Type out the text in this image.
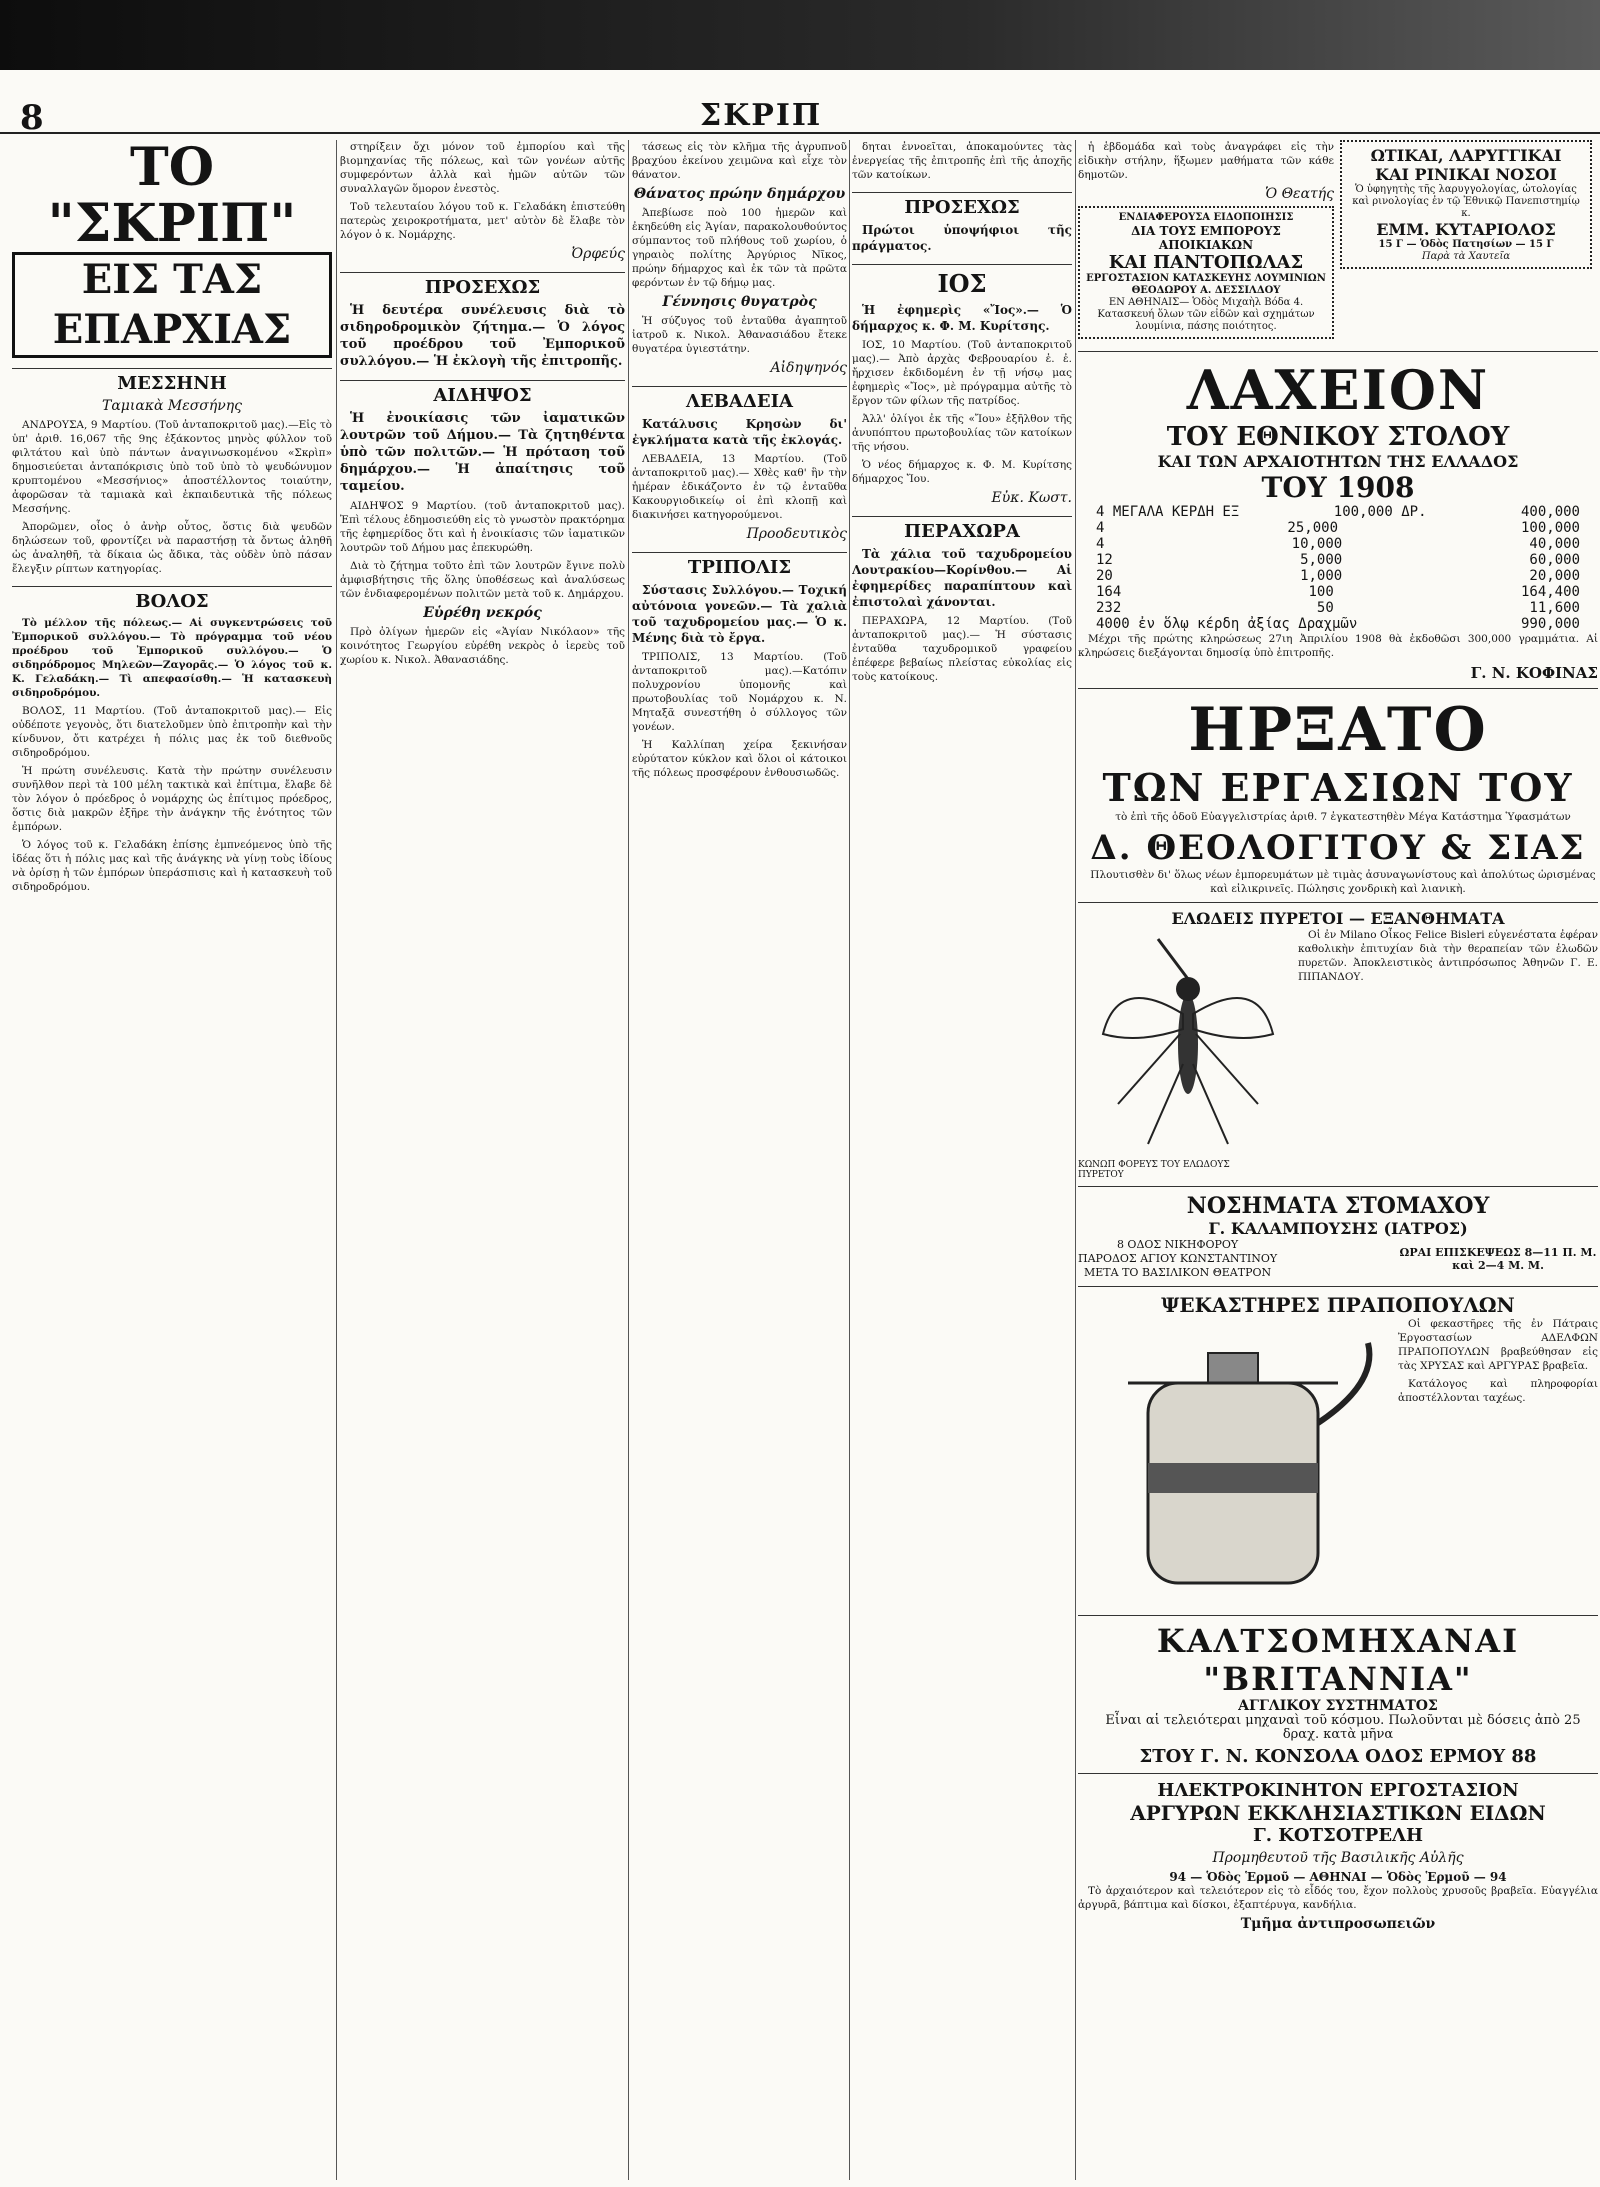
8	ΣΚΡΙΠ
ΤΟ "ΣΚΡΙΠ"
ΕΙΣ ΤΑΣ ΕΠΑΡΧΙΑΣ
ΜΕΣΣΗΝΗ
Ταμιακὰ Μεσσήνης

ΑΝΔΡΟΥΣΑ, 9 Μαρτίου. (Τοῦ ἀνταποκριτοῦ μας).—Εἰς τὸ ὑπ' ἀριθ. 16,067 τῆς 9ης ἐξάκοντος μηνὸς φύλλον τοῦ φιλτάτου καὶ ὑπὸ πάντων ἀναγινωσκομένου «Σκρὶπ» δημοσιεύεται ἀνταπόκρισις ὑπὸ τοῦ ὑπὸ τὸ ψευδώνυμον κρυπτομένου «Μεσσήνιος» ἀποστέλλοντος τοιαύτην, ἀφορῶσαν τὰ ταμιακὰ καὶ ἐκπαιδευτικὰ τῆς πόλεως Μεσσήνης.

Ἀπορῶμεν, οἷος ὁ ἀνὴρ οὗτος, ὅστις διὰ ψευδῶν δηλώσεων τοῦ, φροντίζει νὰ παραστήσῃ τὰ ὄντως ἀληθῆ ὡς ἀναληθῆ, τὰ δίκαια ὡς ἄδικα, τὰς οὐδὲν ὑπὸ πάσαν ἔλεγξιν ρίπτων κατηγορίας.

ΒΟΛΟΣ

Τὸ μέλλον τῆς πόλεως.— Αἱ συγκεντρώσεις τοῦ Ἐμπορικοῦ συλλόγου.— Τὸ πρόγραμμα τοῦ νέου προέδρου τοῦ Ἐμπορικοῦ συλλόγου.— Ὁ σιδηρόδρομος Μηλεῶν—Ζαγορᾶς.— Ὁ λόγος τοῦ κ. Κ. Γελαδάκη.— Τὶ απεφασίσθη.— Ἡ κατασκευὴ σιδηροδρόμου.

ΒΟΛΟΣ, 11 Μαρτίου. (Τοῦ ἀνταποκριτοῦ μας).— Εἰς οὐδέποτε γεγονὸς, ὅτι διατελοῦμεν ὑπὸ ἐπιτροπὴν καὶ τὴν κίνδυνον, ὄτι κατρέχει ἡ πόλις μας ἐκ τοῦ διεθνοῦς σιδηροδρόμου.

Ἡ πρώτη συνέλευσις. Κατὰ τὴν πρώτην συνέλευσιν συνῆλθον περὶ τὰ 100 μέλη τακτικὰ καὶ ἐπίτιμα, ἔλαβε δὲ τὸν λόγον ὁ πρόεδρος ὁ νομάρχης ὡς ἐπίτιμος πρόεδρος, ὅστις διὰ μακρῶν ἐξῆρε τὴν ἀνάγκην τῆς ἐνότητος τῶν ἐμπόρων.

Ὁ λόγος τοῦ κ. Γελαδάκη ἐπίσης ἐμπνεόμενος ὑπὸ τῆς ἰδέας ὅτι ἡ πόλις μας καὶ τῆς ἀνάγκης νὰ γίνῃ τοὺς ἰδίους νὰ ὁρίσῃ ἡ τῶν ἐμπόρων ὑπεράσπισις καὶ ἡ κατασκευὴ τοῦ σιδηροδρόμου.

στηρίξειν ὄχι μόνον τοῦ ἐμπορίου καὶ τῆς βιομηχανίας τῆς πόλεως, καὶ τῶν γονέων αὐτῆς συμφερόντων ἀλλὰ καὶ ἡμῶν αὐτῶν τῶν συναλλαγῶν ὅμορον ἐνεστὸς.

Τοῦ τελευταίου λόγου τοῦ κ. Γελαδάκη ἐπιστεύθη πατερὼς χειροκροτήματα, μετ' αὐτὸν δὲ ἔλαβε τὸν λόγον ὁ κ. Νομάρχης.

Ὀρφεύς
ΠΡΟΣΕΧΩΣ

Ἡ δευτέρα συνέλευσις διὰ τὸ σιδηροδρομικὸν ζήτημα.— Ὁ λόγος τοῦ προέδρου τοῦ Ἐμπορικοῦ συλλόγου.— Ἡ ἐκλογὴ τῆς ἐπιτροπῆς.

ΑΙΔΗΨΟΣ

Ἡ ἐνοικίασις τῶν ἰαματικῶν λουτρῶν τοῦ Δήμου.— Τὰ ζητηθέντα ὑπὸ τῶν πολιτῶν.— Ἡ πρόταση τοῦ δημάρχου.— Ἡ ἀπαίτησις τοῦ ταμείου.

ΑΙΔΗΨΟΣ 9 Μαρτίου. (τοῦ ἀνταποκριτοῦ μας). Ἐπὶ τέλους ἐδημοσιεύθη εἰς τὸ γνωστὸν πρακτόρημα τῆς ἐφημερίδος ὅτι καὶ ἡ ἐνοικίασις τῶν ἰαματικῶν λουτρῶν τοῦ Δήμου μας ἐπεκυρώθη.

Διὰ τὸ ζήτημα τοῦτο ἐπὶ τῶν λουτρῶν ἔγινε πολὺ ἀμφισβήτησις τῆς ὅλης ὑποθέσεως καὶ ἀναλύσεως τῶν ἐνδιαφερομένων πολιτῶν μετὰ τοῦ κ. Δημάρχου.

Εὑρέθη νεκρός

Πρὸ ὀλίγων ἡμερῶν εἰς «Ἁγίαν Νικόλαον» τῆς κοινότητος Γεωργίου εὑρέθη νεκρὸς ὁ ἱερεὺς τοῦ χωρίου κ. Νικολ. Ἀθανασιάδης.

τάσεως εἰς τὸν κλῆμα τῆς ἀγρυπνοῦ βραχύου ἐκείνου χειμῶνα καὶ εἶχε τὸν θάνατον.

Θάνατος πρώην δημάρχου

Ἀπεβίωσε ποὸ 100 ἡμερῶν καὶ ἐκηδεύθη εἰς Ἁγίαν, παρακολουθούντος σύμπαντος τοῦ πλήθους τοῦ χωρίου, ὁ γηραιὸς πολίτης Ἀργύριος Νῖκος, πρώην δήμαρχος καὶ ἐκ τῶν τὰ πρῶτα φερόντων ἐν τῷ δήμῳ μας.

Γέννησις θυγατρὸς

Ἡ σύζυγος τοῦ ἐνταῦθα ἀγαπητοῦ ἰατροῦ κ. Νικολ. Ἀθανασιάδου ἔτεκε θυγατέρα ὑγιεστάτην.

Αἰδηψηνός
ΛΕΒΑΔΕΙΑ

Κατάλυσις Κρησὼν δι' ἐγκλήματα κατὰ τῆς ἐκλογάς.

ΛΕΒΑΔΕΙΑ, 13 Μαρτίου. (Τοῦ ἀνταποκριτοῦ μας).— Χθὲς καθ' ἣν τὴν ἡμέραν ἐδικάζοντο ἐν τῷ ἐνταῦθα Κακουργιοδικείῳ οἱ ἐπὶ κλοπῇ καὶ διακινήσει κατηγορούμενοι.

Προοδευτικὸς
ΤΡΙΠΟΛΙΣ

Σύστασις Συλλόγου.— Τοχική αὐτόνοια γονεῶν.— Τὰ χαλιὰ τοῦ ταχυδρομείου μας.— Ὁ κ. Μένης διὰ τὸ ἔργα.

ΤΡΙΠΟΛΙΣ, 13 Μαρτίου. (Τοῦ ἀνταποκριτοῦ μας).—Κατόπιν πολυχρονίου ὑπομονῆς καὶ πρωτοβουλίας τοῦ Νομάρχου κ. Ν. Μηταξᾶ συνεστήθη ὁ σύλλογος τῶν γονέων.

Ἡ Καλλίπαη χείρα ξεκινήσαν εὐρύτατον κύκλον καὶ ὅλοι οἱ κάτοικοι τῆς πόλεως προσφέρουν ἐνθουσιωδῶς.

δηται ἐννοεῖται, ἀποκαμούντες τὰς ἐνεργείας τῆς ἐπιτροπῆς ἐπὶ τῆς ἀποχῆς τῶν κατοίκων.

ΠΡΟΣΕΧΩΣ

Πρώτοι ὑποψήφιοι τῆς πράγματος.

ΙΟΣ

Ἡ ἐφημερὶς «Ἴος».— Ὁ δήμαρχος κ. Φ. Μ. Κυρίτσης.

ΙΟΣ, 10 Μαρτίου. (Τοῦ ἀνταποκριτοῦ μας).— Ἀπὸ ἀρχὰς Φεβρουαρίου ἐ. ἐ. ἤρχισεν ἐκδιδομένη ἐν τῇ νήσῳ μας ἐφημερὶς «Ἴος», μὲ πρόγραμμα αὐτῆς τὸ ἔργον τῶν φίλων τῆς πατρίδος.

Ἀλλ' ὀλίγοι ἐκ τῆς «Ἴου» ἐξῆλθον τῆς ἀνυπόπτου πρωτοβουλίας τῶν κατοίκων τῆς νήσου.

Ὁ νέος δήμαρχος κ. Φ. Μ. Κυρίτσης δήμαρχος Ἴου.

Εὐκ. Κωστ.
ΠΕΡΑΧΩΡΑ

Τὰ χάλια τοῦ ταχυδρομείου Λουτρακίου—Κορίνθου.— Αἱ ἐφημερίδες παραπίπτουν καὶ ἐπιστολαὶ χάνονται.

ΠΕΡΑΧΩΡΑ, 12 Μαρτίου. (Τοῦ ἀνταποκριτοῦ μας).— Ἡ σύστασις ἐνταῦθα ταχυδρομικοῦ γραφείου ἐπέφερε βεβαίως πλείστας εὐκολίας εἰς τοὺς κατοίκους.

ἡ ἑβδομάδα καὶ τοὺς ἀναγράφει εἰς τὴν εἰδικὴν στήλην, ἥξωμεν μαθήματα τῶν κάθε δημοτῶν.

Ὁ Θεατής
ΕΝΔΙΑΦΕΡΟΥΣΑ ΕΙΔΟΠΟΙΗΣΙΣ
ΔΙΑ ΤΟΥΣ ΕΜΠΟΡΟΥΣ ΑΠΟΙΚΙΑΚΩΝ
ΚΑΙ ΠΑΝΤΟΠΩΛΑΣ
ΕΡΓΟΣΤΑΣΙΟΝ ΚΑΤΑΣΚΕΥΗΣ ΛΟΥΜΙΝΙΩΝ ΘΕΟΔΩΡΟΥ Α. ΔΕΣΣΙΛΔΟΥ
ΕΝ ΑΘΗΝΑΙΣ— Ὁδὸς Μιχαὴλ Βόδα 4. Κατασκευή ὅλων τῶν εἰδῶν καὶ σχημάτων λουμίνια, πάσης ποιότητος.
ΩΤΙΚΑΙ, ΛΑΡΥΓΓΙΚΑΙ
ΚΑΙ ΡΙΝΙΚΑΙ ΝΟΣΟΙ
Ὁ ὑφηγητὴς τῆς λαρυγγολογίας, ὠτολογίας καὶ ρινολογίας ἐν τῷ Ἐθνικῷ Πανεπιστημίῳ κ.
ΕΜΜ. ΚΥΤΑΡΙΟΛΟΣ
15 Γ — Ὁδὸς Πατησίων — 15 Γ
Παρὰ τὰ Χαυτεῖα
ΛΑΧΕΙΟΝ
ΤΟΥ ΕΘΝΙΚΟΥ ΣΤΟΛΟΥ
ΚΑΙ ΤΩΝ ΑΡΧΑΙΟΤΗΤΩΝ ΤΗΣ ΕΛΛΑΔΟΣ
ΤΟΥ 1908
4 ΜΕΓΑΛΑ ΚΕΡΔΗ ΕΞ	100,000 ΔΡ.	400,000
4	25,000	100,000
4	10,000	40,000
12	5,000	60,000
20	1,000	20,000
164	100	164,400
232	50	11,600
4000 ἐν ὅλῳ κέρδη ἀξίας Δραχμῶν	990,000

Μέχρι τῆς πρώτης κληρώσεως 27ιη Ἀπριλίου 1908 θὰ ἐκδοθῶσι 300,000 γραμμάτια. Αἱ κληρώσεις διεξάγονται δημοσίᾳ ὑπὸ ἐπιτροπῆς.

Γ. Ν. ΚΟΦΙΝΑΣ
ΗΡΞΑΤΟ
ΤΩΝ ΕΡΓΑΣΙΩΝ ΤΟΥ

τὸ ἐπὶ τῆς ὁδοῦ Εὐαγγελιστρίας ἀριθ. 7 ἐγκατεστηθὲν Μέγα Κατάστημα Ὑφασμάτων

Δ. ΘΕΟΛΟΓΙΤΟΥ & ΣΙΑΣ

Πλουτισθὲν δι' ὅλως νέων ἐμπορευμάτων μὲ τιμὰς ἀσυναγωνίστους καὶ ἀπολύτως ὡρισμένας καὶ εἰλικρινεῖς. Πώλησις χονδρικὴ καὶ λιανικὴ.

ΕΛΩΔΕΙΣ ΠΥΡΕΤΟΙ — ΕΞΑΝΘΗΜΑΤΑ

Οἱ ἐν Milano Οἶκος Felice Bisleri εὐγενέστατα ἐφέραν καθολικὴν ἐπιτυχίαν διὰ τὴν θεραπείαν τῶν ἑλωδῶν πυρετῶν. Ἀποκλειστικὸς ἀντιπρόσωπος Ἀθηνῶν Γ. Ε. ΠΙΠΑΝΔΟΥ.

ΚΩΝΩΠ ΦΟΡΕΥΣ ΤΟΥ ΕΛΩΔΟΥΣ ΠΥΡΕΤΟΥ
ΝΟΣΗΜΑΤΑ ΣΤΟΜΑΧΟΥ
Γ. ΚΑΛΑΜΠΟΥΣΗΣ (ΙΑΤΡΟΣ)
8 ΟΔΟΣ ΝΙΚΗΦΟΡΟΥ
ΠΑΡΟΔΟΣ ΑΓΙΟΥ ΚΩΝΣΤΑΝΤΙΝΟΥ
ΜΕΤΑ ΤΟ ΒΑΣΙΛΙΚΟΝ ΘΕΑΤΡΟΝ
ΩΡΑΙ ΕΠΙΣΚΕΨΕΩΣ 8—11 Π. Μ. καὶ 2—4 Μ. Μ.
ΨΕΚΑΣΤΗΡΕΣ ΠΡΑΠΟΠΟΥΛΩΝ

Οἱ φεκαστῆρες τῆς ἐν Πάτραις Ἐργοστασίων ΑΔΕΛΦΩΝ ΠΡΑΠΟΠΟΥΛΩΝ βραβεύθησαν εἰς τὰς ΧΡΥΣΑΣ καὶ ΑΡΓΥΡΑΣ βραβεῖα.

Κατάλογος καὶ πληροφορίαι ἀποστέλλονται ταχέως.

ΚΑΛΤΣΟΜΗΧΑΝΑΙ "BRITANNIA"
ΑΓΓΛΙΚΟΥ ΣΥΣΤΗΜΑΤΟΣ

Εἶναι αἱ τελειότεραι μηχαναὶ τοῦ κόσμου. Πωλοῦνται μὲ δόσεις ἀπὸ 25 δραχ. κατὰ μῆνα

ΣΤΟΥ Γ. Ν. ΚΟΝΣΟΛΑ ΟΔΟΣ ΕΡΜΟΥ 88
ΗΛΕΚΤΡΟΚΙΝΗΤΟΝ ΕΡΓΟΣΤΑΣΙΟΝ
ΑΡΓΥΡΩΝ ΕΚΚΛΗΣΙΑΣΤΙΚΩΝ ΕΙΔΩΝ
Γ. ΚΟΤΣΟΤΡΕΛΗ
Προμηθευτοῦ τῆς Βασιλικῆς Αὐλῆς
94 — Ὁδὸς Ἑρμοῦ — ΑΘΗΝΑΙ — Ὁδὸς Ἑρμοῦ — 94

Τὸ ἀρχαιότερον καὶ τελειότερον εἰς τὸ εἶδός του, ἔχον πολλοὺς χρυσοῦς βραβεῖα. Εὐαγγέλια ἀργυρᾶ, βάπτιμα καὶ δίσκοι, ἐξαπτέρυγα, κανδήλια.

Τμῆμα ἀντιπροσωπειῶν
